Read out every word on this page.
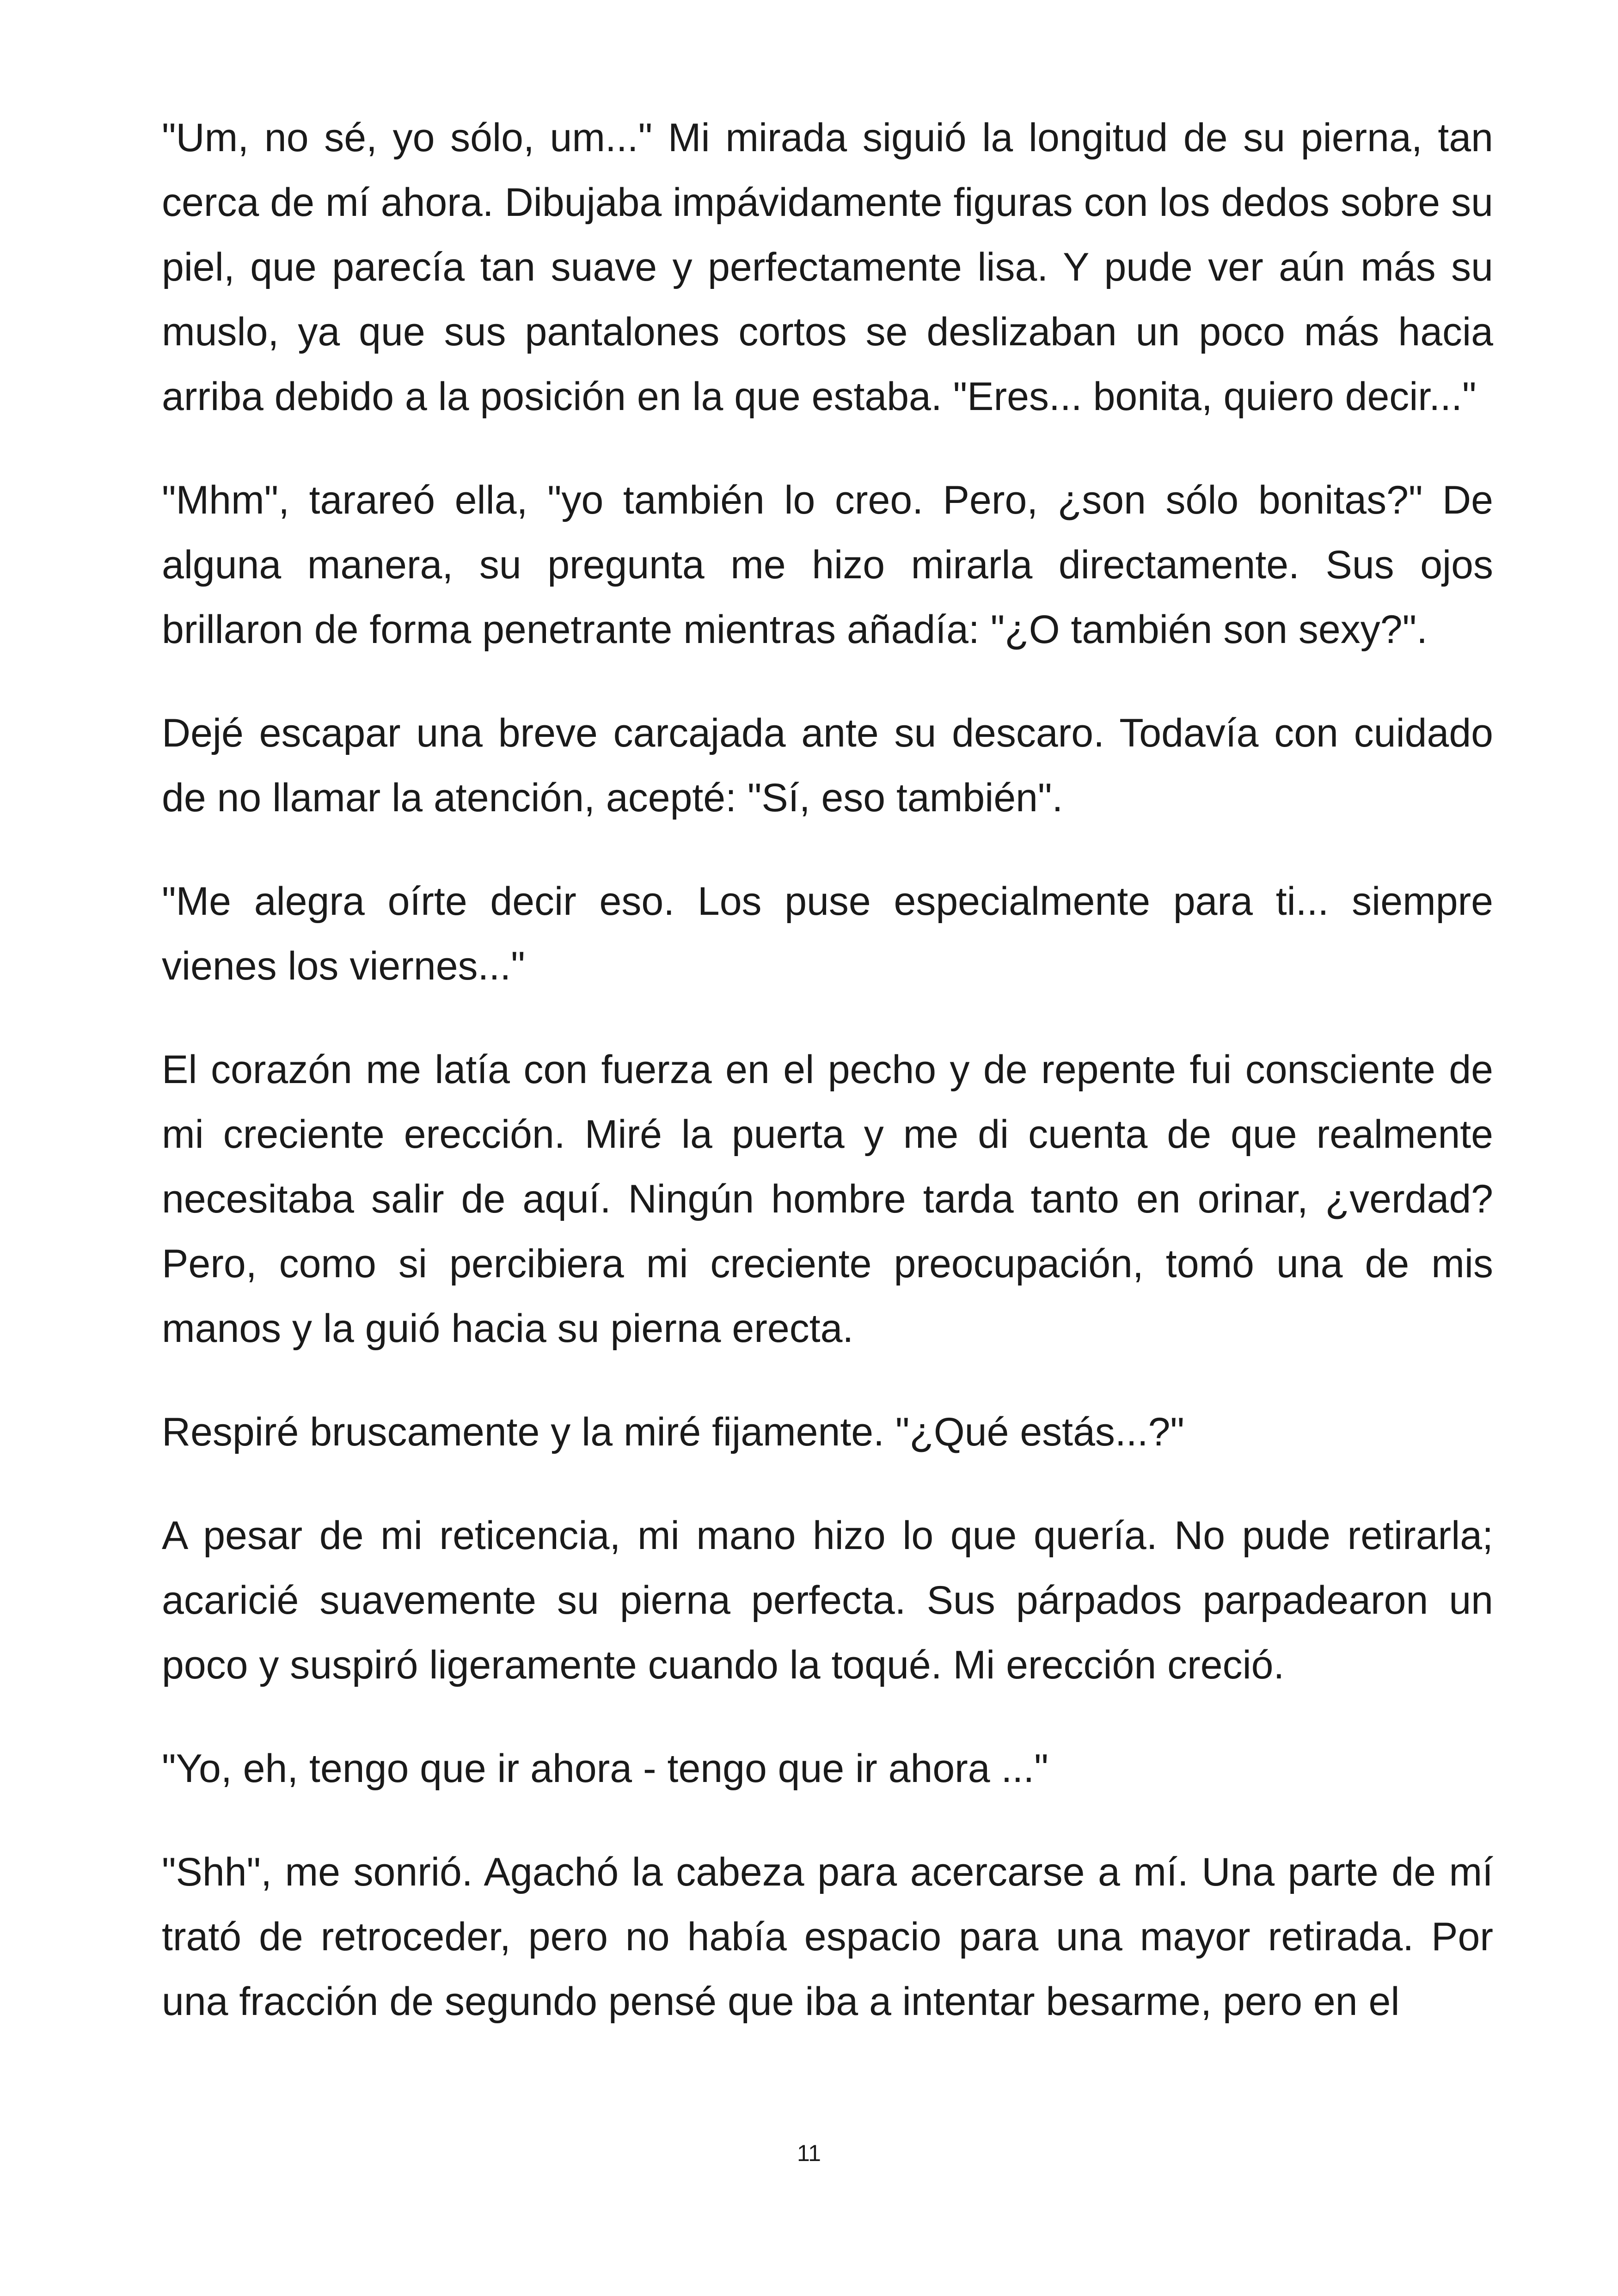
"Um, no sé, yo sólo, um..." Mi mirada siguió la longitud de su pierna, tan cerca de mí ahora. Dibujaba impávidamente figuras con los dedos sobre su piel, que parecía tan suave y perfectamente lisa. Y pude ver aún más su muslo, ya que sus pantalones cortos se deslizaban un poco más hacia arriba debido a la posición en la que estaba. "Eres... bonita, quiero decir..."

"Mhm", tarareó ella, "yo también lo creo. Pero, ¿son sólo bonitas?" De alguna manera, su pregunta me hizo mirarla directamente. Sus ojos brillaron de forma penetrante mientras añadía: "¿O también son sexy?".

Dejé escapar una breve carcajada ante su descaro. Todavía con cuidado de no llamar la atención, acepté: "Sí, eso también".

"Me alegra oírte decir eso. Los puse especialmente para ti... siempre vienes los viernes..."

El corazón me latía con fuerza en el pecho y de repente fui consciente de mi creciente erección. Miré la puerta y me di cuenta de que realmente necesitaba salir de aquí. Ningún hombre tarda tanto en orinar, ¿verdad? Pero, como si percibiera mi creciente preocupación, tomó una de mis manos y la guió hacia su pierna erecta.

Respiré bruscamente y la miré fijamente. "¿Qué estás...?"

A pesar de mi reticencia, mi mano hizo lo que quería. No pude retirarla; acaricié suavemente su pierna perfecta. Sus párpados parpadearon un poco y suspiró ligeramente cuando la toqué. Mi erección creció.

"Yo, eh, tengo que ir ahora - tengo que ir ahora ..."

"Shh", me sonrió. Agachó la cabeza para acercarse a mí. Una parte de mí trató de retroceder, pero no había espacio para una mayor retirada. Por una fracción de segundo pensé que iba a intentar besarme, pero en el

11
